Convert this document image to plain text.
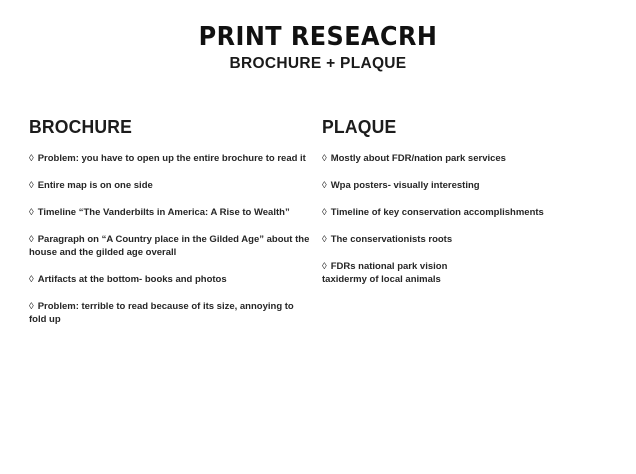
PRINT RESEACRH
BROCHURE + PLAQUE
BROCHURE
◊ Problem: you have to open up the entire brochure to read it
◊ Entire map is on one side
◊ Timeline “The Vanderbilts in America: A Rise to Wealth”
◊ Paragraph on “A Country place in the Gilded Age” about the house and the gilded age overall
◊ Artifacts at the bottom- books and photos
◊ Problem: terrible to read because of its size, annoying to fold up
PLAQUE
◊ Mostly about FDR/nation park services
◊ Wpa posters- visually interesting
◊ Timeline of key conservation accomplishments
◊ The conservationists roots
◊ FDRs national park vision
taxidermy of local animals
